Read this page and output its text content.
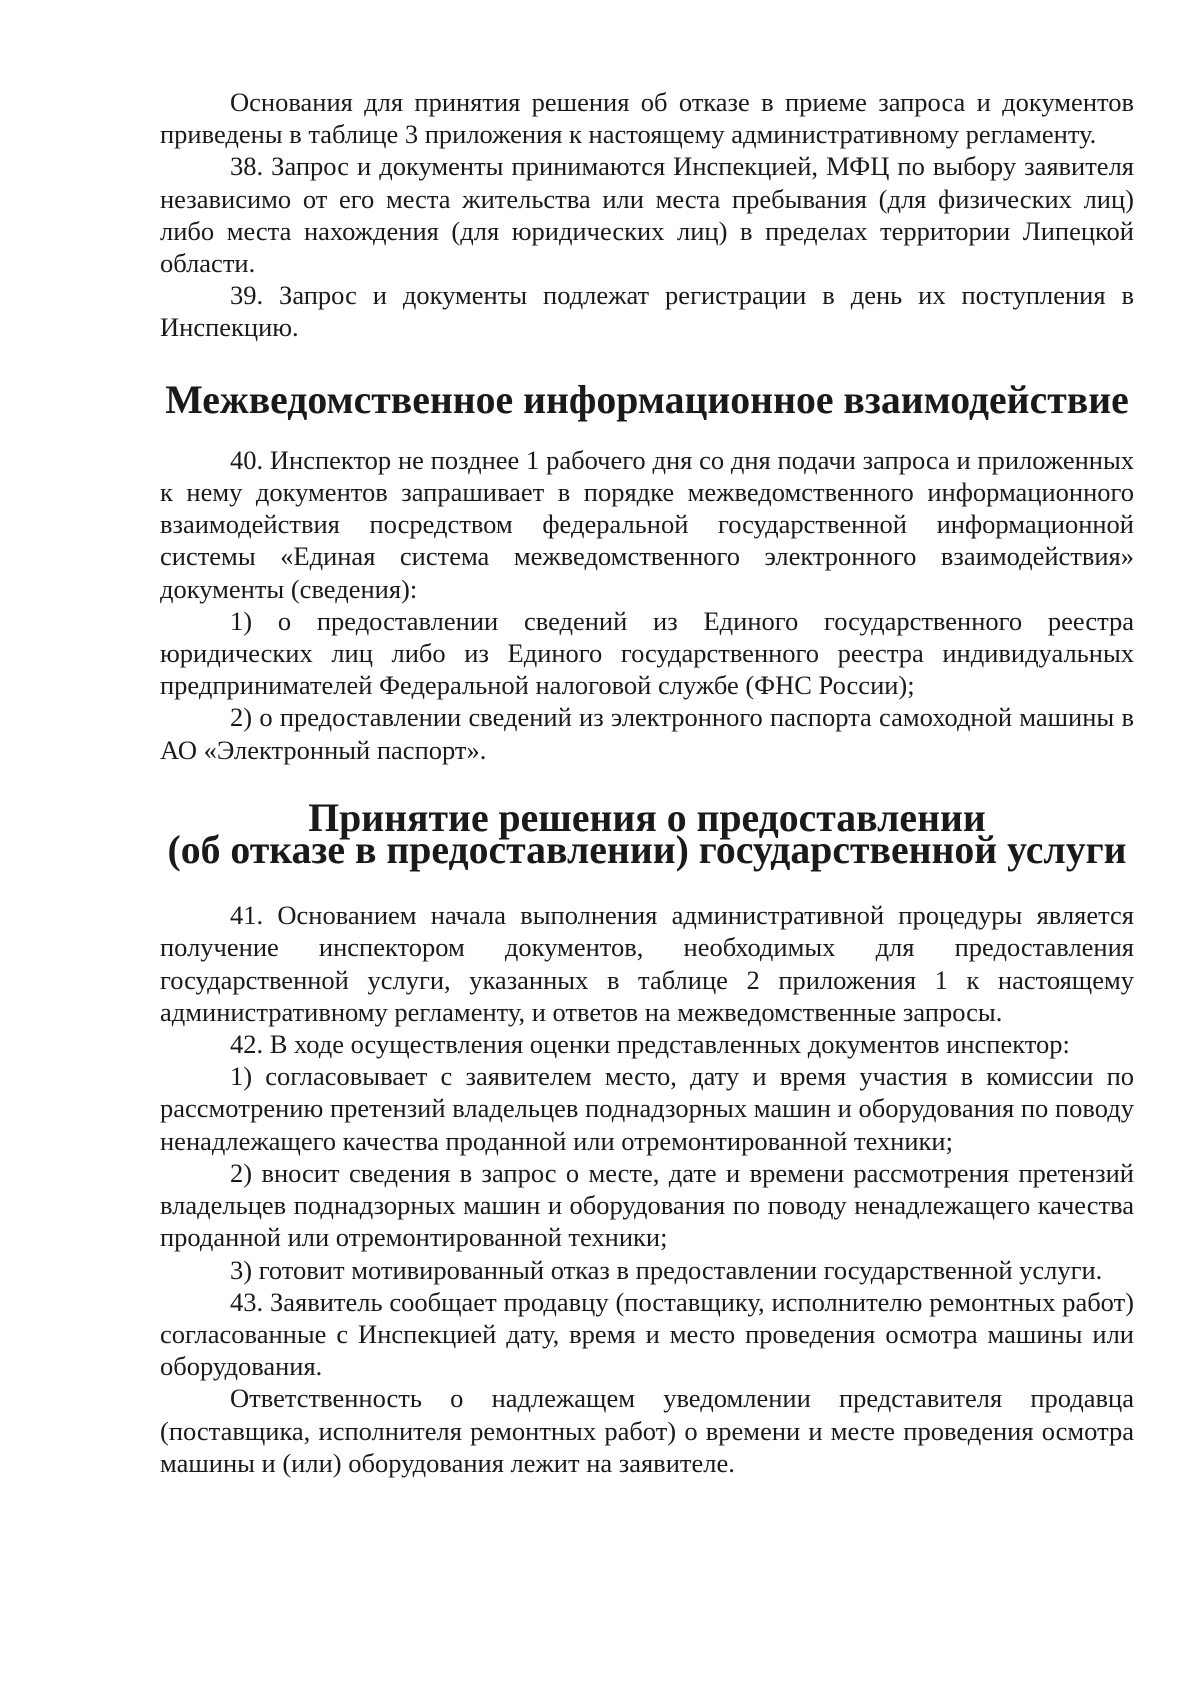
Основания для принятия решения об отказе в приеме запроса и документов приведены в таблице 3 приложения к настоящему административному регламенту.

38. Запрос и документы принимаются Инспекцией, МФЦ по выбору заявителя независимо от его места жительства или места пребывания (для физических лиц) либо места нахождения (для юридических лиц) в пределах территории Липецкой области.

39. Запрос и документы подлежат регистрации в день их поступления в Инспекцию.

Межведомственное информационное взаимодействие

40. Инспектор не позднее 1 рабочего дня со дня подачи запроса и приложенных к нему документов запрашивает в порядке межведомственного информационного взаимодействия посредством федеральной государственной информационной системы «Единая система межведомственного электронного взаимодействия» документы (сведения):

1) о предоставлении сведений из Единого государственного реестра юридических лиц либо из Единого государственного реестра индивидуальных предпринимателей Федеральной налоговой службе (ФНС России);

2) о предоставлении сведений из электронного паспорта самоходной машины в АО «Электронный паспорт».

Принятие решения о предоставлении
(об отказе в предоставлении) государственной услуги

41. Основанием начала выполнения административной процедуры является получение инспектором документов, необходимых для предоставления государственной услуги, указанных в таблице 2 приложения 1 к настоящему административному регламенту, и ответов на межведомственные запросы.

42. В ходе осуществления оценки представленных документов инспектор:

1) согласовывает с заявителем место, дату и время участия в комиссии по рассмотрению претензий владельцев поднадзорных машин и оборудования по поводу ненадлежащего качества проданной или отремонтированной техники;

2) вносит сведения в запрос о месте, дате и времени рассмотрения претензий владельцев поднадзорных машин и оборудования по поводу ненадлежащего качества проданной или отремонтированной техники;

3) готовит мотивированный отказ в предоставлении государственной услуги.

43. Заявитель сообщает продавцу (поставщику, исполнителю ремонтных работ) согласованные с Инспекцией дату, время и место проведения осмотра машины или оборудования.

Ответственность о надлежащем уведомлении представителя продавца (поставщика, исполнителя ремонтных работ) о времени и месте проведения осмотра машины и (или) оборудования лежит на заявителе.
